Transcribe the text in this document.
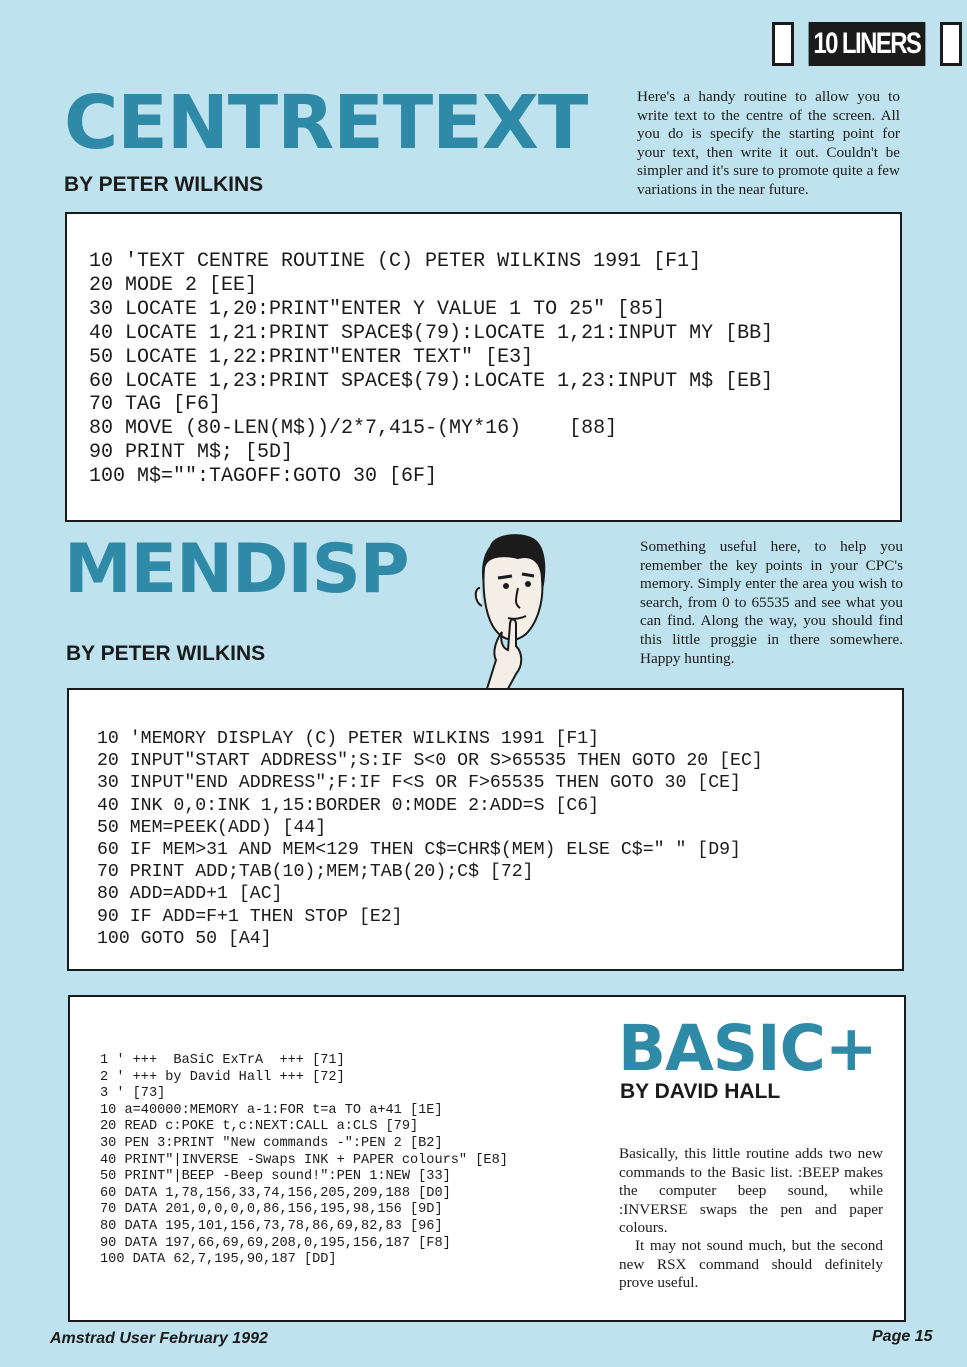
10 LINERS
CENTRETEXT
BY PETER WILKINS
Here's a handy routine to allow you to write text to the centre of the screen. All you do is specify the starting point for your text, then write it out. Couldn't be simpler and it's sure to promote quite a few variations in the near future.
10 'TEXT CENTRE ROUTINE (C) PETER WILKINS 1991 [F1]
20 MODE 2 [EE]
30 LOCATE 1,20:PRINT"ENTER Y VALUE 1 TO 25" [85]
40 LOCATE 1,21:PRINT SPACE$(79):LOCATE 1,21:INPUT MY [BB]
50 LOCATE 1,22:PRINT"ENTER TEXT" [E3]
60 LOCATE 1,23:PRINT SPACE$(79):LOCATE 1,23:INPUT M$ [EB]
70 TAG [F6]
80 MOVE (80-LEN(M$))/2*7,415-(MY*16)    [88]
90 PRINT M$; [5D]
100 M$="":TAGOFF:GOTO 30 [6F]
MENDISP
BY PETER WILKINS
Something useful here, to help you remember the key points in your CPC's memory. Simply enter the area you wish to search, from 0 to 65535 and see what you can find. Along the way, you should find this little proggie in there somewhere. Happy hunting.
10 'MEMORY DISPLAY (C) PETER WILKINS 1991 [F1]
20 INPUT"START ADDRESS";S:IF S<0 OR S>65535 THEN GOTO 20 [EC]
30 INPUT"END ADDRESS";F:IF F<S OR F>65535 THEN GOTO 30 [CE]
40 INK 0,0:INK 1,15:BORDER 0:MODE 2:ADD=S [C6]
50 MEM=PEEK(ADD) [44]
60 IF MEM>31 AND MEM<129 THEN C$=CHR$(MEM) ELSE C$=" " [D9]
70 PRINT ADD;TAB(10);MEM;TAB(20);C$ [72]
80 ADD=ADD+1 [AC]
90 IF ADD=F+1 THEN STOP [E2]
100 GOTO 50 [A4]
1 ' +++  BaSiC ExTrA  +++ [71]
2 ' +++ by David Hall +++ [72]
3 ' [73]
10 a=40000:MEMORY a-1:FOR t=a TO a+41 [1E]
20 READ c:POKE t,c:NEXT:CALL a:CLS [79]
30 PEN 3:PRINT "New commands -":PEN 2 [B2]
40 PRINT"|INVERSE -Swaps INK + PAPER colours" [E8]
50 PRINT"|BEEP -Beep sound!":PEN 1:NEW [33]
60 DATA 1,78,156,33,74,156,205,209,188 [D0]
70 DATA 201,0,0,0,0,86,156,195,98,156 [9D]
80 DATA 195,101,156,73,78,86,69,82,83 [96]
90 DATA 197,66,69,69,208,0,195,156,187 [F8]
100 DATA 62,7,195,90,187 [DD]
BASIC+
BY DAVID HALL
Basically, this little routine adds two new commands to the Basic list. :BEEP makes the computer beep sound, while :INVERSE swaps the pen and paper colours.
It may not sound much, but the second new RSX command should definitely prove useful.
Amstrad User February 1992	Page 15
